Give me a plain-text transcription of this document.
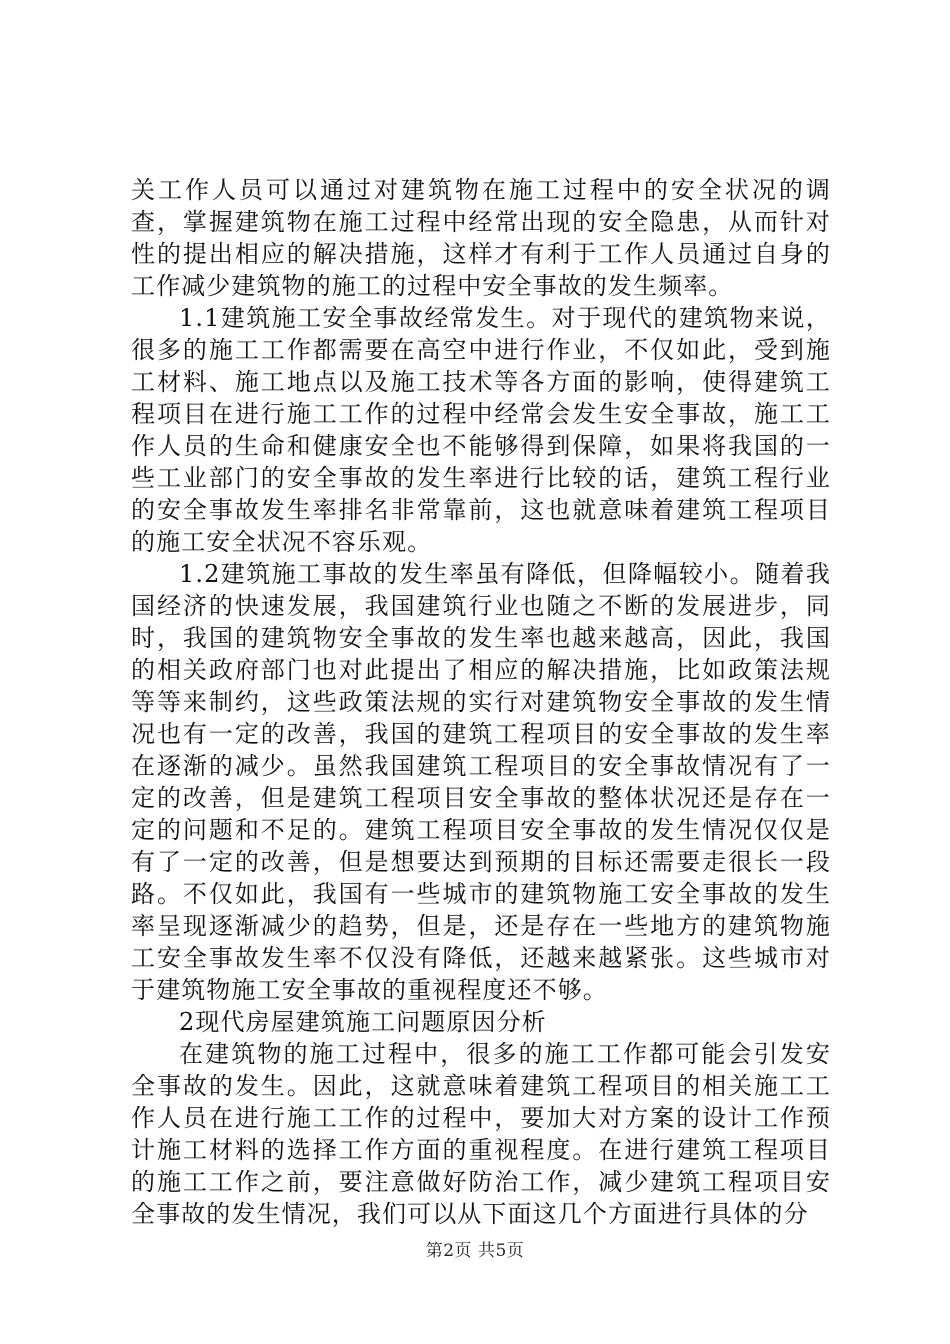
关工作人员可以通过对建筑物在施工过程中的安全状况的调查，掌握建筑物在施工过程中经常出现的安全隐患，从而针对性的提出相应的解决措施，这样才有利于工作人员通过自身的工作减少建筑物的施工的过程中安全事故的发生频率。

1.1建筑施工安全事故经常发生。对于现代的建筑物来说，很多的施工工作都需要在高空中进行作业，不仅如此，受到施工材料、施工地点以及施工技术等各方面的影响，使得建筑工程项目在进行施工工作的过程中经常会发生安全事故，施工工作人员的生命和健康安全也不能够得到保障，如果将我国的一些工业部门的安全事故的发生率进行比较的话，建筑工程行业的安全事故发生率排名非常靠前，这也就意味着建筑工程项目的施工安全状况不容乐观。

1.2建筑施工事故的发生率虽有降低，但降幅较小。随着我国经济的快速发展，我国建筑行业也随之不断的发展进步，同时，我国的建筑物安全事故的发生率也越来越高，因此，我国的相关政府部门也对此提出了相应的解决措施，比如政策法规等等来制约，这些政策法规的实行对建筑物安全事故的发生情况也有一定的改善，我国的建筑工程项目的安全事故的发生率在逐渐的减少。虽然我国建筑工程项目的安全事故情况有了一定的改善，但是建筑工程项目安全事故的整体状况还是存在一定的问题和不足的。建筑工程项目安全事故的发生情况仅仅是有了一定的改善，但是想要达到预期的目标还需要走很长一段路。不仅如此，我国有一些城市的建筑物施工安全事故的发生率呈现逐渐减少的趋势，但是，还是存在一些地方的建筑物施工安全事故发生率不仅没有降低，还越来越紧张。这些城市对于建筑物施工安全事故的重视程度还不够。

2现代房屋建筑施工问题原因分析

在建筑物的施工过程中，很多的施工工作都可能会引发安全事故的发生。因此，这就意味着建筑工程项目的相关施工工作人员在进行施工工作的过程中，要加大对方案的设计工作预计施工材料的选择工作方面的重视程度。在进行建筑工程项目的施工工作之前，要注意做好防治工作，减少建筑工程项目安全事故的发生情况，我们可以从下面这几个方面进行具体的分

第2页 共5页
